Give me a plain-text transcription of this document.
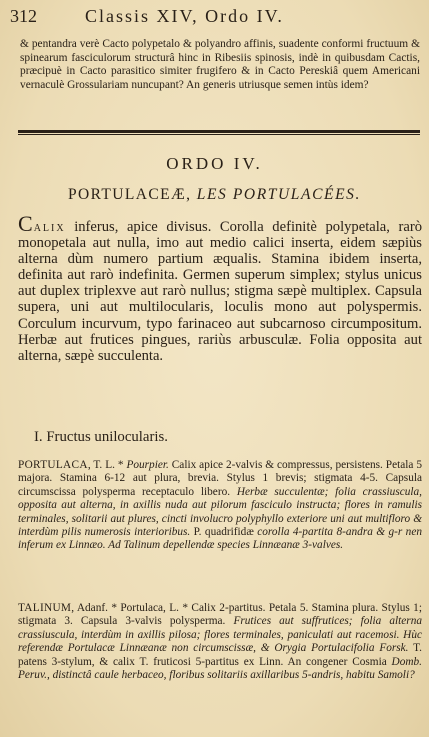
312	Classis XIV, Ordo IV.
& pentandra verè Cacto polypetalo & polyandro affinis, suadente conformi fructuum & spinearum fasciculorum structurâ hinc in Ribesiis spinosis, indè in quibusdam Cactis, præcipuè in Cacto parasitico simiter frugifero & in Cacto Pereskiâ quem Americani vernaculè Grossulariam nuncupant? An generis utriusque semen intùs idem?
ORDO IV.
PORTULACEÆ, LES PORTULACÉES.
Calix inferus, apice divisus. Corolla definitè polypetala, rarò monopetala aut nulla, imo aut medio calici inserta, eidem sæpiùs alterna dùm numero partium æqualis. Stamina ibidem inserta, definita aut rarò indefinita. Germen superum simplex; stylus unicus aut duplex triplexve aut rarò nullus; stigma sæpè multiplex. Capsula supera, uni aut multilocularis, loculis mono aut polyspermis. Corculum incurvum, typo farinaceo aut subcarnoso circumpositum. Herbæ aut frutices pingues, rariùs arbusculæ. Folia opposita aut alterna, sæpè succulenta.
I. Fructus unilocularis.
PORTULACA, T. L. * Pourpier. Calix apice 2-valvis & compressus, persistens. Petala 5 majora. Stamina 6-12 aut plura, brevia. Stylus 1 brevis; stigmata 4-5. Capsula circumscissa polysperma receptaculo libero. Herbæ succulentæ; folia crassiuscula, opposita aut alterna, in axillis nuda aut pilorum fasciculo instructa; flores in ramulis terminales, solitarii aut plures, cincti involucro polyphyllo exteriore uni aut multifloro & interdùm pilis numerosis interioribus. P. quadrifidæ corolla 4-partita 8-andra & g-r nen inferum ex Linnæo. Ad Talinum depellendæ species Linnæanæ 3-valves.
TALINUM, Adanf. * Portulaca, L. * Calix 2-partitus. Petala 5. Stamina plura. Stylus 1; stigmata 3. Capsula 3-valvis polysperma. Frutices aut suffrutices; folia alterna crassiuscula, interdùm in axillis pilosa; flores terminales, paniculati aut racemosi. Hùc referendæ Portulacæ Linnæanæ non circumscissæ, & Orygia Portulacifolia Forsk. T. patens 3-stylum, & calix T. fruticosi 5-partitus ex Linn. An congener Cosmia Domb. Peruv., distinctâ caule herbaceo, floribus solitariis axillaribus 5-andris, habitu Samoli?
